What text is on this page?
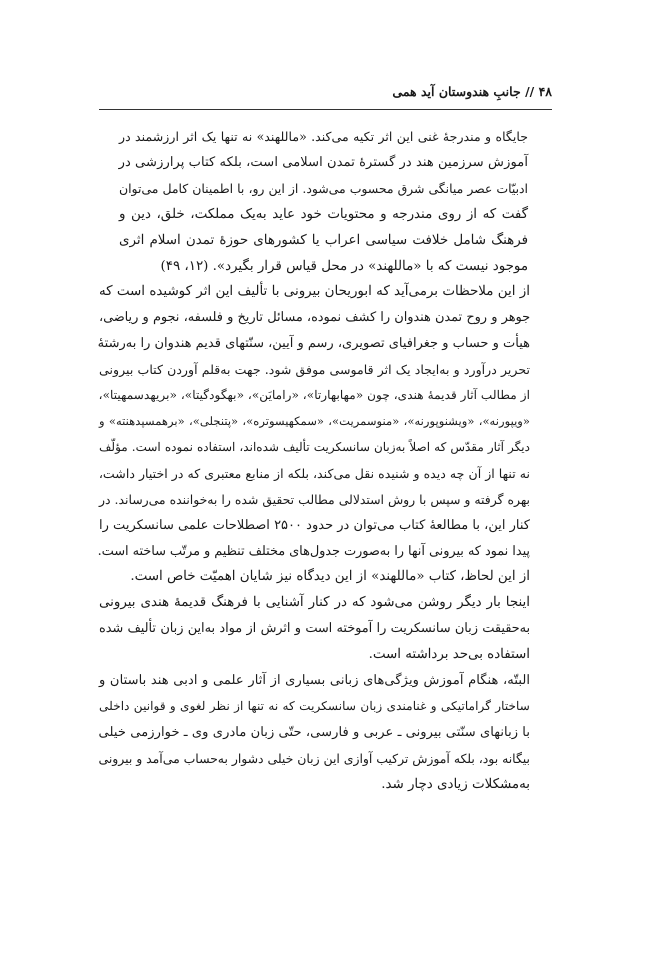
۴۸ // جانبِ هندوستان آید همی
جایگاه و مندرجهٔ غنی این اثر تکیه می‌کند. «ماللهند» نه تنها یک اثر ارزشمند در
آموزش سرزمین هند در گسترهٔ تمدن اسلامی است، بلکه کتاب پرارزشی در
ادبیّات عصر میانگی شرق محسوب می‌شود. از این رو، با اطمینان کامل می‌توان
گفت که از روی مندرجه و محتویات خود عاید به‌یک مملکت، خلق، دین و
فرهنگ شامل خلافت سیاسی اعراب یا کشورهای حوزهٔ تمدن اسلام اثری
موجود نیست که با «ماللهند» در محل قیاس قرار بگیرد». (۱۲، ۴۹)
از این ملاحظات برمی‌آید که ابوریحان بیرونی با تألیف این اثر کوشیده است که
جوهر و روح تمدن هندوان را کشف نموده، مسائل تاریخ و فلسفه، نجوم و ریاضی،
هیأت و حساب و جغرافیای تصویری، رسم و آیین، سنّتهای قدیم هندوان را به‌رشتهٔ
تحریر درآورد و به‌ایجاد یک اثر قاموسی موفق شود. جهت به‌قلم آوردن کتاب بیرونی
از مطالب آثار قدیمهٔ هندی، چون «مهابهارتا»، «رامایَن»، «بهگودگیتا»، «بریهدسمهیتا»،
«ویپورنه»، «ویشنوپورنه»، «منوسمریت»، «سمکهیسوتره»، «پتنجلی»، «برهمسپدهنته» و
دیگر آثار مقدّس که اصلاً به‌زبان سانسکریت تألیف شده‌اند، استفاده نموده است. مؤلّف
نه تنها از آن چه دیده و شنیده نقل می‌کند، بلکه از منابع معتبری که در اختیار داشت،
بهره گرفته و سپس با روش استدلالی مطالب تحقیق شده را به‌خواننده می‌رساند. در
کنار این، با مطالعهٔ کتاب می‌توان در حدود ۲۵۰۰ اصطلاحات علمی سانسکریت را
پیدا نمود که بیرونی آنها را به‌صورت جدول‌های مختلف تنظیم و مرتّب ساخته است.
از این لحاظ، کتاب «ماللهند» از این دیدگاه نیز شایان اهمیّت خاص است.
اینجا بار دیگر روشن می‌شود که در کنار آشنایی با فرهنگ قدیمهٔ هندی بیرونی
به‌حقیقت زبان سانسکریت را آموخته است و اثرش از مواد به‌این زبان تألیف شده
استفاده بی‌حد برداشته است.
البتّه، هنگام آموزش ویژگی‌های زبانی بسیاری از آثار علمی و ادبی هند باستان و
ساختار گراماتیکی و غنامندی زبان سانسکریت که نه تنها از نظر لغوی و قوانین داخلی
با زبانهای سنّتی بیرونی ـ عربی و فارسی، حتّی زبان مادری وی ـ خوارزمی خیلی
بیگانه بود، بلکه آموزش ترکیب آوازی این زبان خیلی دشوار به‌حساب می‌آمد و بیرونی
به‌مشکلات زیادی دچار شد.
